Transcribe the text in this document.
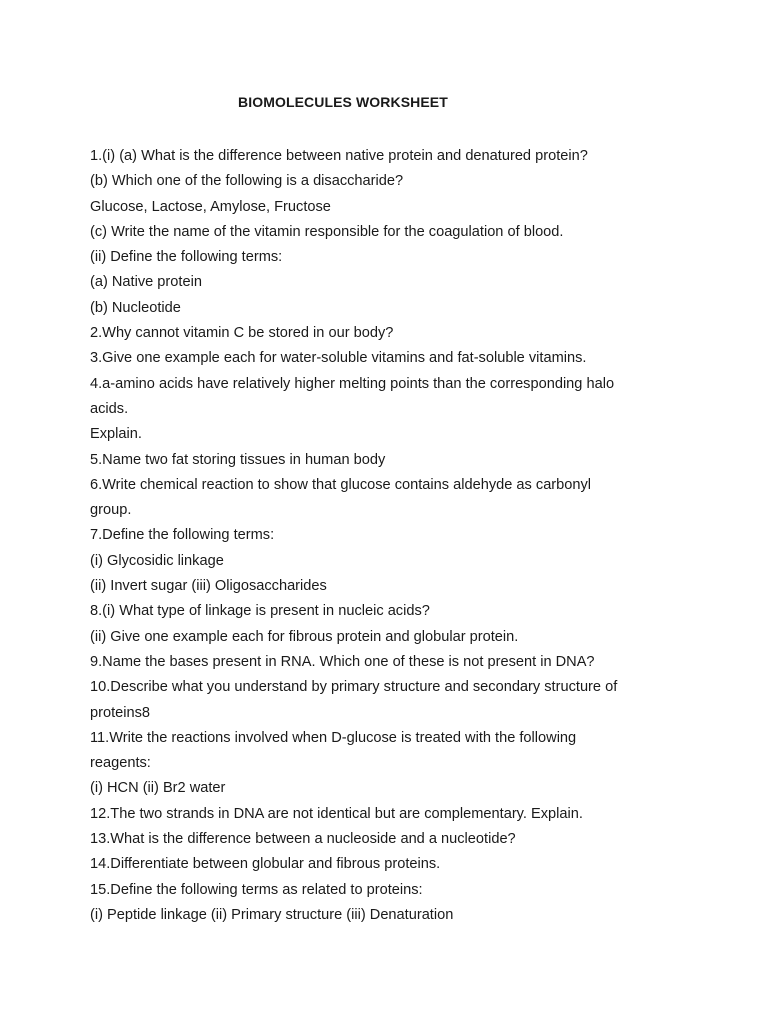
BIOMOLECULES WORKSHEET
1.(i) (a) What is the difference between native protein and denatured protein?
(b) Which one of the following is a disaccharide?
Glucose, Lactose, Amylose, Fructose
(c) Write the name of the vitamin responsible for the coagulation of blood.
(ii) Define the following terms:
(a) Native protein
(b) Nucleotide
2.Why cannot vitamin C be stored in our body?
3.Give one example each for water-soluble vitamins and fat-soluble vitamins.
4.a-amino acids have relatively higher melting points than the corresponding halo
acids.
Explain.
5.Name two fat storing tissues in human body
6.Write chemical reaction to show that glucose contains aldehyde as carbonyl
group.
7.Define the following terms:
(i) Glycosidic linkage
(ii) Invert sugar (iii) Oligosaccharides
8.(i) What type of linkage is present in nucleic acids?
(ii) Give one example each for fibrous protein and globular protein.
9.Name the bases present in RNA. Which one of these is not present in DNA?
10.Describe what you understand by primary structure and secondary structure of
proteins8
11.Write the reactions involved when D-glucose is treated with the following
reagents:
(i) HCN (ii) Br2 water
12.The two strands in DNA are not identical but are complementary. Explain.
13.What is the difference between a nucleoside and a nucleotide?
14.Differentiate between globular and fibrous proteins.
15.Define the following terms as related to proteins:
(i) Peptide linkage (ii) Primary structure (iii) Denaturation
